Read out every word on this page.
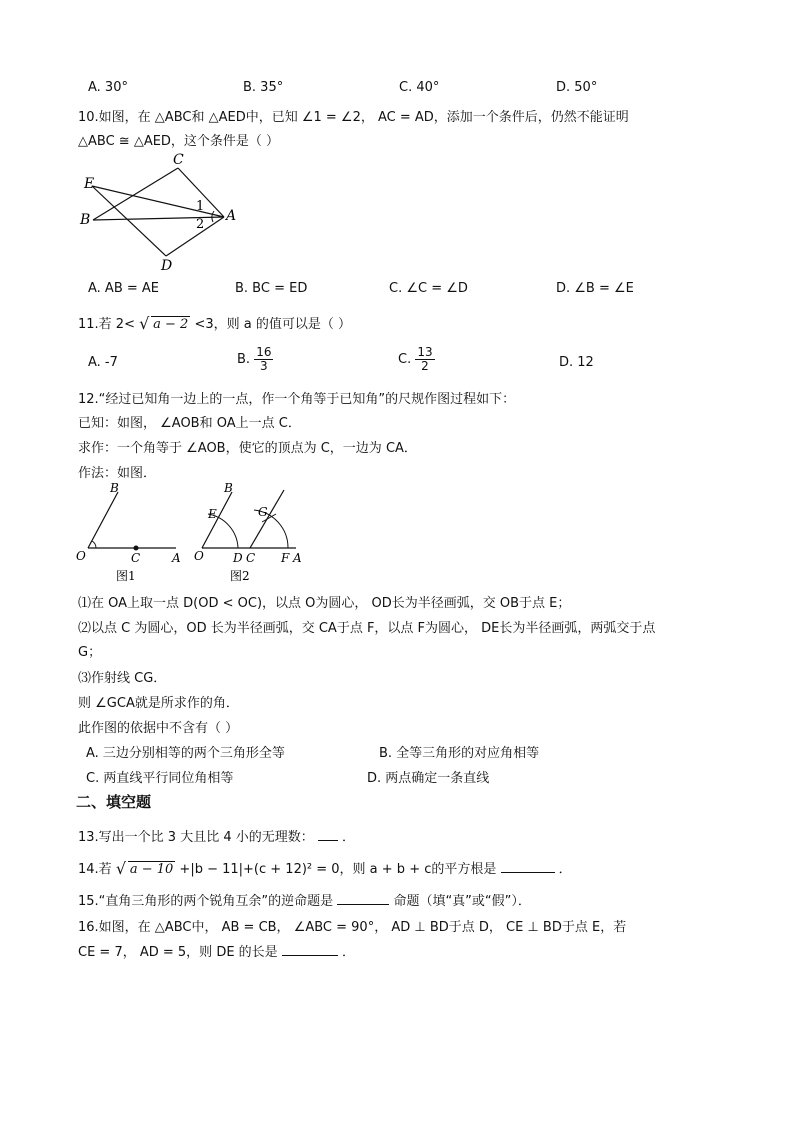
A. 30°	B. 35°	C. 40°	D. 50°
10.如图，在 △ABC和 △AED中，已知 ∠1 = ∠2， AC = AD，添加一个条件后，仍然不能证明
△ABC ≅ △AED，这个条件是（ ）
C
E
B	A
D
1
2
A. AB = AE	B. BC = ED	C. ∠C = ∠D	D. ∠B = ∠E
11.若 2< √ a − 2 <3，则 a 的值可以是（ ）
A. -7	B. $\frac{16}{3}$	C. $\frac{13}{2}$	D. 12
12.“经过已知角一边上的一点，作一个角等于已知角”的尺规作图过程如下：
已知：如图， ∠AOB和 OA上一点 C．
求作：一个角等于 ∠AOB，使它的顶点为 C，一边为 CA．
作法：如图．
B
O	C	A
图1
B
E	G
O D C F A
图2
⑴在 OA上取一点 D(OD < OC)，以点 O为圆心， OD长为半径画弧，交 OB于点 E；
⑵以点 C 为圆心，OD 长为半径画弧，交 CA于点 F，以点 F为圆心， DE长为半径画弧，两弧交于点
G；
⑶作射线 CG．
则 ∠GCA就是所求作的角．
此作图的依据中不含有（ ）
A. 三边分别相等的两个三角形全等	B. 全等三角形的对应角相等
C. 两直线平行同位角相等	D. 两点确定一条直线
二、填空题
13.写出一个比 3 大且比 4 小的无理数： ．
14.若 √ a − 10 +|b − 11|+(c + 12)² = 0，则 a + b + c的平方根是	．
15.“直角三角形的两个锐角互余”的逆命题是	命题（填“真”或“假”）．
16.如图，在 △ABC中， AB = CB， ∠ABC = 90°， AD ⊥ BD于点 D， CE ⊥ BD于点 E，若
CE = 7， AD = 5，则 DE 的长是	．
